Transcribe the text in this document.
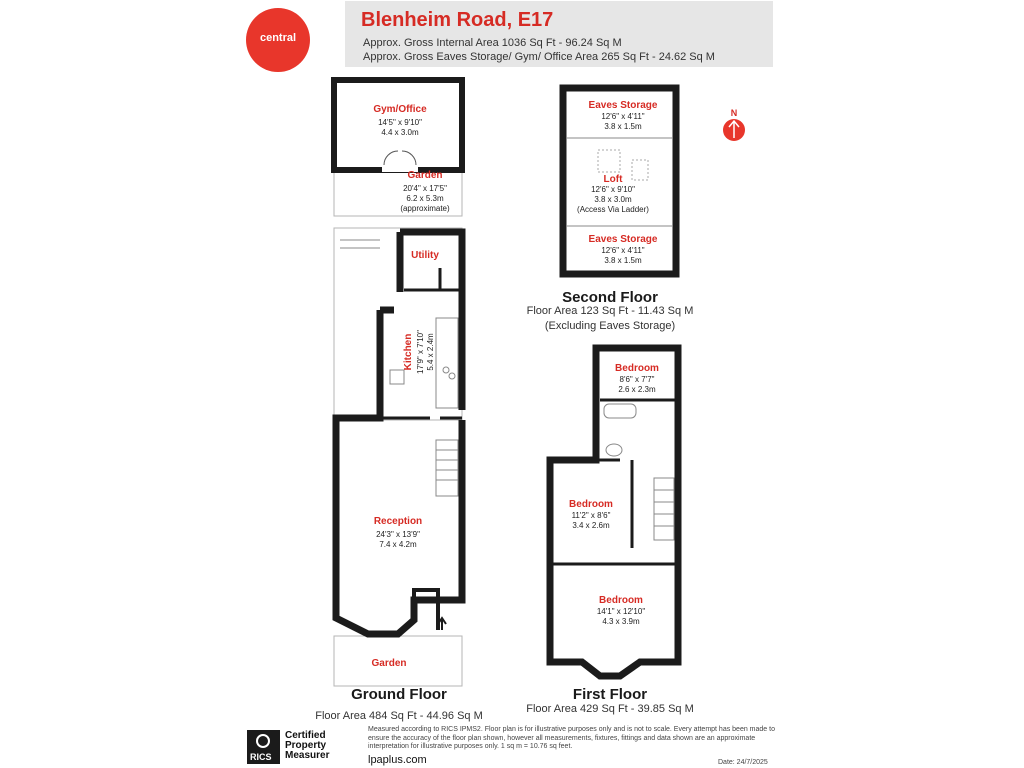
central
Blenheim Road, E17
Approx. Gross Internal Area 1036 Sq Ft - 96.24 Sq M
Approx. Gross Eaves Storage/ Gym/ Office Area 265 Sq Ft - 24.62 Sq M
N
Gym/Office
14'5" x 9'10"
4.4 x 3.0m
Garden
20'4" x 17'5"
6.2 x 5.3m
(approximate)
Utility
Kitchen 17'9" x 7'10" 5.4 x 2.4m
Reception
24'3" x 13'9"
7.4 x 4.2m
Garden
Eaves Storage
12'6" x 4'11"
3.8 x 1.5m
Loft
12'6" x 9'10"
3.8 x 3.0m
(Access Via Ladder)
Eaves Storage
12'6" x 4'11"
3.8 x 1.5m
Bedroom
8'6" x 7'7"
2.6 x 2.3m
Bedroom
11'2" x 8'6"
3.4 x 2.6m
Bedroom
14'1" x 12'10"
4.3 x 3.9m
Ground Floor
Floor Area 484 Sq Ft - 44.96 Sq M
Second Floor
Floor Area 123 Sq Ft - 11.43 Sq M
(Excluding Eaves Storage)
First Floor
Floor Area 429 Sq Ft - 39.85 Sq M
RICS
Certified
Property
Measurer
Measured according to RICS IPMS2. Floor plan is for illustrative purposes only and is not to scale. Every attempt has been made to ensure the accuracy of the floor plan shown, however all measurements, fixtures, fittings and data shown are an approximate interpretation for illustrative purposes only. 1 sq m = 10.76 sq feet.
lpaplus.com	Date: 24/7/2025
